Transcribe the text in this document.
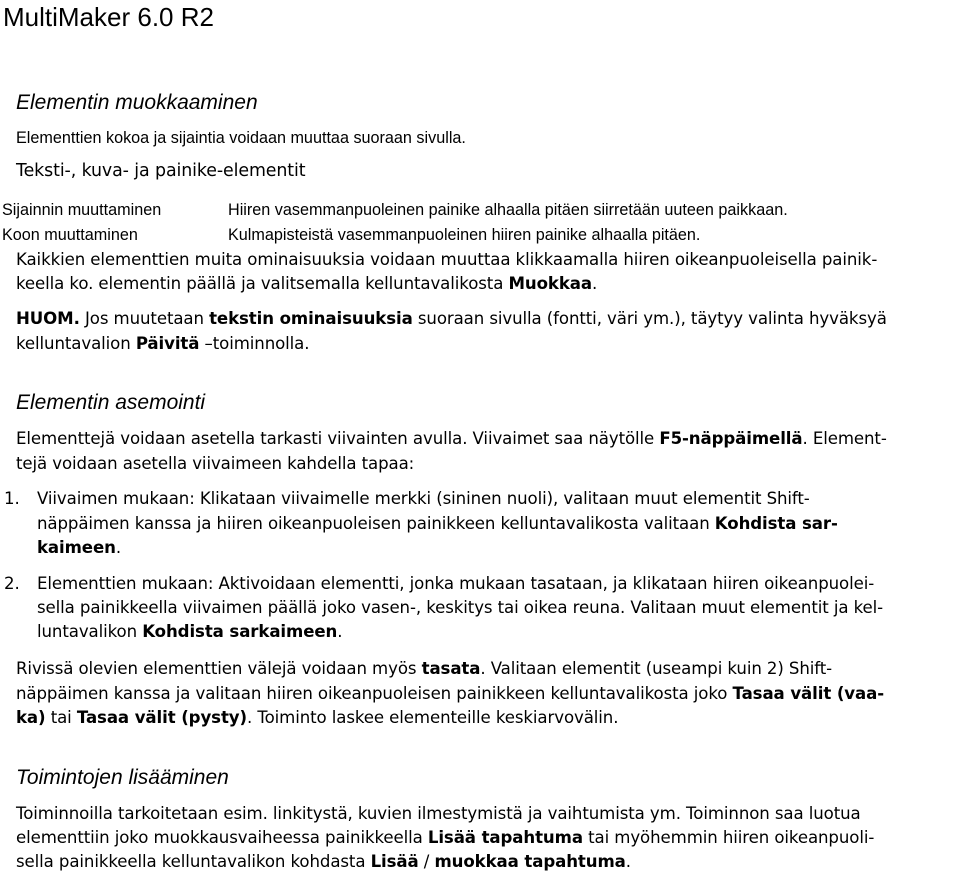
MultiMaker 6.0 R2
Elementin muokkaaminen
Elementtien kokoa ja sijaintia voidaan muuttaa suoraan sivulla.
Teksti-, kuva- ja painike-elementit
Sijainnin muuttaminen	Hiiren vasemmanpuoleinen painike alhaalla pitäen siirretään uuteen paikkaan.
Koon muuttaminen	Kulmapisteistä vasemmanpuoleinen hiiren painike alhaalla pitäen.
Kaikkien elementtien muita ominaisuuksia voidaan muuttaa klikkaamalla hiiren oikeanpuoleisella painik-
keella ko. elementin päällä ja valitsemalla kelluntavalikosta Muokkaa.
HUOM. Jos muutetaan tekstin ominaisuuksia suoraan sivulla (fontti, väri ym.), täytyy valinta hyväksyä
kelluntavalion Päivitä –toiminnolla.
Elementin asemointi
Elementtejä voidaan asetella tarkasti viivainten avulla. Viivaimet saa näytölle F5-näppäimellä. Element-
tejä voidaan asetella viivaimeen kahdella tapaa:
1. Viivaimen mukaan: Klikataan viivaimelle merkki (sininen nuoli), valitaan muut elementit Shift-
näppäimen kanssa ja hiiren oikeanpuoleisen painikkeen kelluntavalikosta valitaan Kohdista sar-
kaimeen.
2. Elementtien mukaan: Aktivoidaan elementti, jonka mukaan tasataan, ja klikataan hiiren oikeanpuolei-
sella painikkeella viivaimen päällä joko vasen-, keskitys tai oikea reuna. Valitaan muut elementit ja kel-
luntavalikon Kohdista sarkaimeen.
Rivissä olevien elementtien välejä voidaan myös tasata. Valitaan elementit (useampi kuin 2) Shift-
näppäimen kanssa ja valitaan hiiren oikeanpuoleisen painikkeen kelluntavalikosta joko Tasaa välit (vaa-
ka) tai Tasaa välit (pysty). Toiminto laskee elementeille keskiarvovälin.
Toimintojen lisääminen
Toiminnoilla tarkoitetaan esim. linkitystä, kuvien ilmestymistä ja vaihtumista ym. Toiminnon saa luotua
elementtiin joko muokkausvaiheessa painikkeella Lisää tapahtuma tai myöhemmin hiiren oikeanpuoli-
sella painikkeella kelluntavalikon kohdasta Lisää / muokkaa tapahtuma.
